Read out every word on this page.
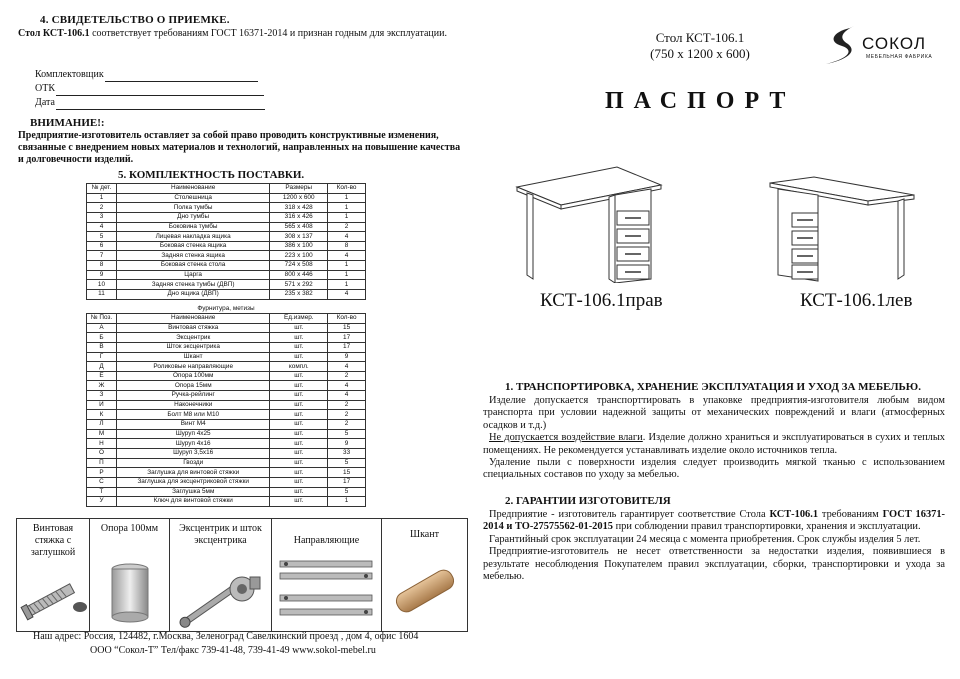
4. СВИДЕТЕЛЬСТВО О ПРИЕМКЕ.
Стол КСТ-106.1 соответствует требованиям ГОСТ 16371-2014 и признан годным для эксплуатации.
Комплектовщик
ОТК
Дата
ВНИМАНИЕ!:
Предприятие-изготовитель оставляет за собой право проводить конструктивные изменения, связанные с внедрением новых материалов и технологий, направленных на повышение качества и долговечности изделий.
5. КОМПЛЕКТНОСТЬ ПОСТАВКИ.
№ дет.	Наименование	Размеры	Кол-во
1	Столешница	1200 x 600	1
2	Полка тумбы	318 x 428	1
3	Дно тумбы	316 x 426	1
4	Боковина тумбы	565 x 408	2
5	Лицевая накладка ящика	308 x 137	4
6	Боковая стенка ящика	386 x 100	8
7	Задняя стенка ящика	223 x 100	4
8	Боковая стенка стола	724 x 508	1
9	Царга	800 x 446	1
10	Задняя стенка тумбы (ДВП)	571 x 292	1
11	Дно ящика (ДВП)	235 x 382	4
Фурнитура, метизы
№ Поз.	Наименование	Ед.измер.	Кол-во
А	Винтовая стяжка	шт.	15
Б	Эксцентрик	шт.	17
В	Шток эксцентрика	шт.	17
Г	Шкант	шт.	9
Д	Роликовые направляющие	компл.	4
Е	Опора 100мм	шт.	2
Ж	Опора 15мм	шт.	4
З	Ручка-рейлинг	шт.	4
И	Наконечники	шт.	2
К	Болт М8 или М10	шт.	2
Л	Винт М4	шт.	2
М	Шуруп 4х25	шт.	5
Н	Шуруп 4х16	шт.	9
О	Шуруп 3,5х16	шт.	33
П	Гвозди	шт.	5
Р	Заглушка для винтовой стяжки	шт.	15
С	Заглушка для эксцентриковой стяжки	шт.	17
Т	Заглушка 5мм	шт.	5
У	Ключ для винтовой стяжки	шт.	1
Винтовая стяжка с заглушкой
Опора 100мм	Эксцентрик и шток эксцентрика	Направляющие
Шкант
Наш адрес: Россия, 124482, г.Москва, Зеленоград Савелкинский проезд , дом 4, офис 1604
ООО “Сокол-Т” Тел/факс 739-41-48, 739-41-49 www.sokol-mebel.ru
Стол КСТ-106.1
(750 х 1200 х 600)
СОКОЛ
МЕБЕЛЬНАЯ ФАБРИКА
ПАСПОРТ
КСТ-106.1прав	КСТ-106.1лев
1. ТРАНСПОРТИРОВКА, ХРАНЕНИЕ ЭКСПЛУАТАЦИЯ И УХОД ЗА МЕБЕЛЬЮ.

Изделие допускается транспорттировать в упаковке предприятия-изготовителя любым видом транспорта при условии надежной защиты от механических повреждений и влаги (атмосферных осадков и т.д.)

Не допускается воздействие влаги. Изделие должно храниться и эксплуатироваться в сухих и теплых помещениях. Не рекомендуется устанавливать изделие около источников тепла.

Удаление пыли с поверхности изделия следует производить мягкой тканью с использованием специальных составов по уходу за мебелью.

2. ГАРАНТИИ ИЗГОТОВИТЕЛЯ

Предприятие - изготовитель гарантирует соответствие Стола КСТ-106.1 требованиям ГОСТ 16371-2014 и ТО-27575562-01-2015 при соблюдении правил транспортировки, хранения и эксплуатации.

Гарантийный срок эксплуатации 24 месяца с момента приобретения. Срок службы изделия 5 лет.

Предприятие-изготовитель не несет ответственности за недостатки изделия, появившиеся в результате несоблюдения Покупателем правил эксплуатации, сборки, транспортировки и ухода за мебелью.
